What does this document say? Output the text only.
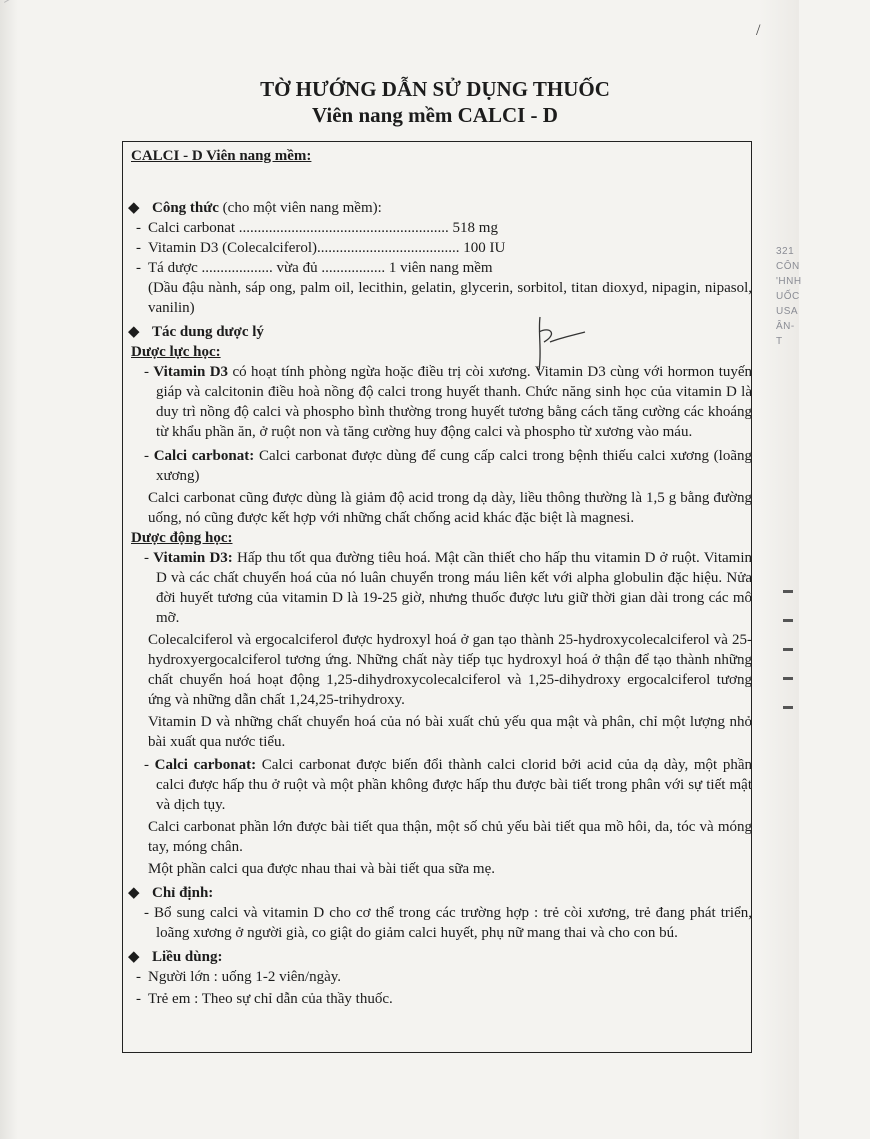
/
321
CÔN
'HNH
UỐC
USA
ÂN-T
TỜ HƯỚNG DẪN SỬ DỤNG THUỐC
Viên nang mềm CALCI - D

CALCI - D Viên nang mềm:

◆ Công thức (cho một viên nang mềm):

- Calci carbonat ........................................................ 518 mg

- Vitamin D3 (Colecalciferol)...................................... 100 IU

- Tá dược ................... vừa đủ ................. 1 viên nang mềm

(Dầu đậu nành, sáp ong, palm oil, lecithin, gelatin, glycerin, sorbitol, titan dioxyd, nipagin, nipasol, vanilin)

◆ Tác dung dược lý

Dược lực học:

- Vitamin D3 có hoạt tính phòng ngừa hoặc điều trị còi xương. Vitamin D3 cùng với hormon tuyến giáp và calcitonin điều hoà nồng độ calci trong huyết thanh. Chức năng sinh học của vitamin D là duy trì nồng độ calci và phospho bình thường trong huyết tương bằng cách tăng cường các khoáng từ khẩu phần ăn, ở ruột non và tăng cường huy động calci và phospho từ xương vào máu.

- Calci carbonat: Calci carbonat được dùng để cung cấp calci trong bệnh thiếu calci xương (loãng xương)

Calci carbonat cũng được dùng là giảm độ acid trong dạ dày, liều thông thường là 1,5 g bằng đường uống, nó cũng được kết hợp với những chất chống acid khác đặc biệt là magnesi.

Dược động học:

- Vitamin D3: Hấp thu tốt qua đường tiêu hoá. Mật cần thiết cho hấp thu vitamin D ở ruột. Vitamin D và các chất chuyển hoá của nó luân chuyển trong máu liên kết với alpha globulin đặc hiệu. Nửa đời huyết tương của vitamin D là 19-25 giờ, nhưng thuốc được lưu giữ thời gian dài trong các mô mỡ.

Colecalciferol và ergocalciferol được hydroxyl hoá ở gan tạo thành 25-hydroxycolecalciferol và 25-hydroxyergocalciferol tương ứng. Những chất này tiếp tục hydroxyl hoá ở thận để tạo thành những chất chuyển hoá hoạt động 1,25-dihydroxycolecalciferol và 1,25-dihydroxy ergocalciferol tương ứng và những dẫn chất 1,24,25-trihydroxy.

Vitamin D và những chất chuyển hoá của nó bài xuất chủ yếu qua mật và phân, chỉ một lượng nhỏ bài xuất qua nước tiểu.

- Calci carbonat: Calci carbonat được biến đổi thành calci clorid bởi acid của dạ dày, một phần calci được hấp thu ở ruột và một phần không được hấp thu được bài tiết trong phân với sự tiết mật và dịch tụy.

Calci carbonat phần lớn được bài tiết qua thận, một số chủ yếu bài tiết qua mồ hôi, da, tóc và móng tay, móng chân.

Một phần calci qua được nhau thai và bài tiết qua sữa mẹ.

◆ Chỉ định:

- Bổ sung calci và vitamin D cho cơ thể trong các trường hợp : trẻ còi xương, trẻ đang phát triển, loãng xương ở người già, co giật do giảm calci huyết, phụ nữ mang thai và cho con bú.

◆ Liều dùng:

- Người lớn : uống 1-2 viên/ngày.

- Trẻ em : Theo sự chỉ dẫn của thầy thuốc.
